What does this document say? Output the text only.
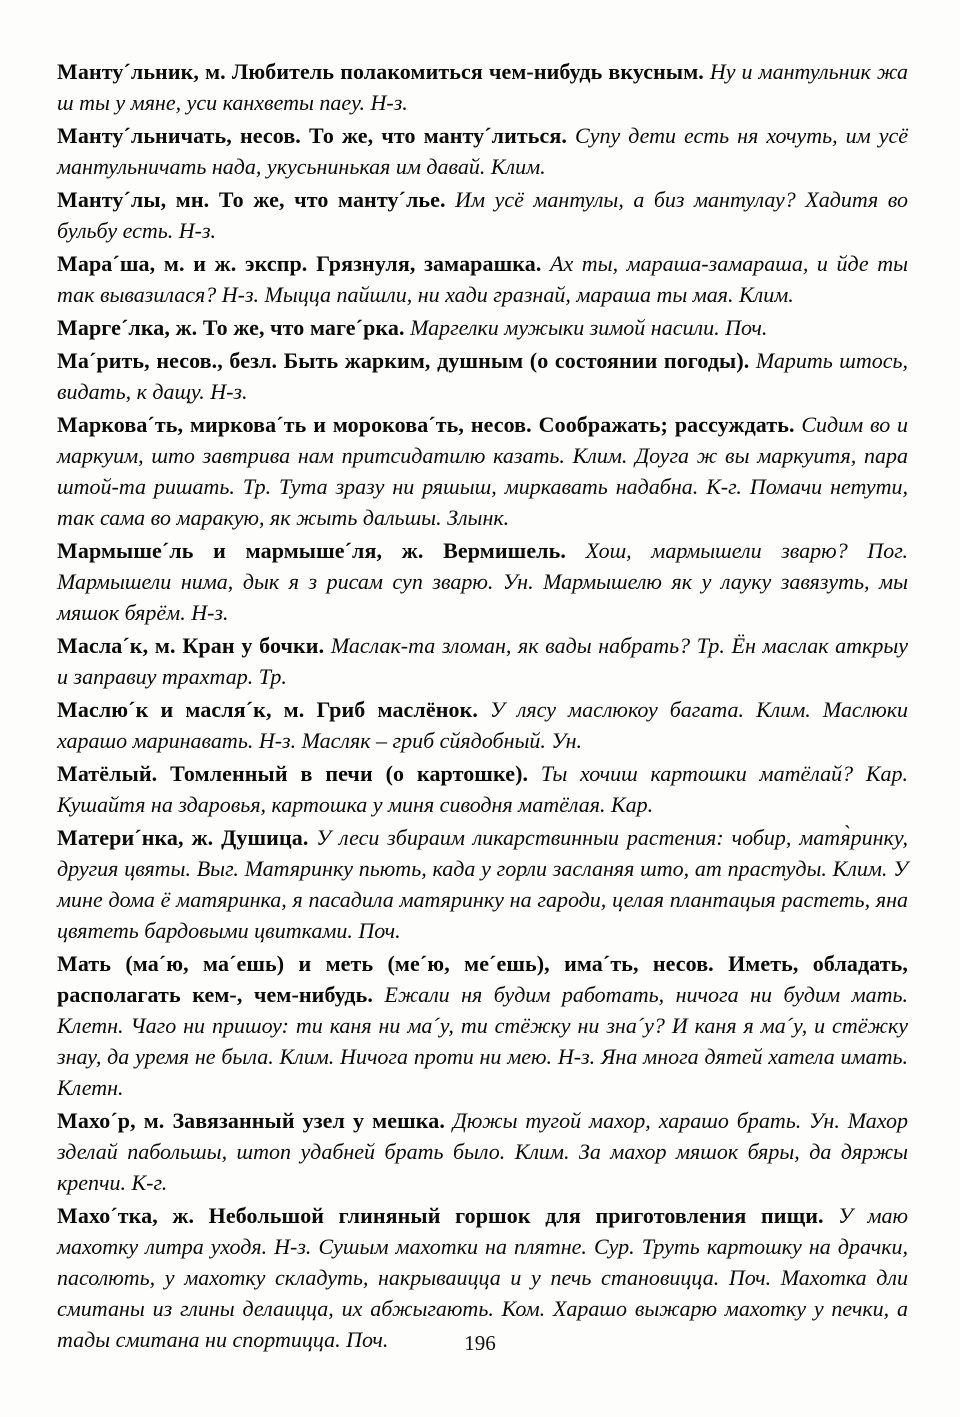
Манту´льник, м. Любитель полакомиться чем-нибудь вкусным. Ну и мантульник жа ш ты у мяне, уси канхветы паеу. Н-з.

Манту´льничать, несов. То же, что манту´литься. Супу дети есть ня хочуть, им усё мантульничать нада, укусьнинькая им давай. Клим.

Манту´лы, мн. То же, что манту´лье. Им усё мантулы, а биз мантулау? Хадитя во бульбу есть. Н-з.

Мара´ша, м. и ж. экспр. Грязнуля, замарашка. Ах ты, мараша-замараша, и йде ты так вывазилася? Н-з. Мыцца пайшли, ни хади гразнай, мараша ты мая. Клим.

Марге´лка, ж. То же, что маге´рка. Маргелки мужыки зимой насили. Поч.

Ма´рить, несов., безл. Быть жарким, душным (о состоянии погоды). Марить штось, видать, к дащу. Н-з.

Маркова´ть, миркова´ть и морокова´ть, несов. Соображать; рассуждать. Сидим во и маркуим, што завтрива нам притсидатилю казать. Клим. Доуга ж вы маркуитя, пара штой-та ришать. Тр. Тута зразу ни ряшыш, миркавать надабна. К-г. Помачи нетути, так сама во маракую, як жыть дальшы. Злынк.

Мармыше´ль и мармыше´ля, ж. Вермишель. Хош, мармышели зварю? Пог. Мармышели нима, дык я з рисам суп зварю. Ун. Мармышелю як у лауку завязуть, мы мяшок бярём. Н-з.

Масла´к, м. Кран у бочки. Маслак-та зломан, як вады набрать? Тр. Ён маслак аткрыу и заправиу трахтар. Тр.

Маслю´к и масля´к, м. Гриб маслёнок. У лясу маслюкоу багата. Клим. Маслюки харашо маринавать. Н-з. Масляк – гриб сйядобный. Ун.

Матёлый. Томленный в печи (о картошке). Ты хочиш картошки матёлай? Кар. Кушайтя на здаровья, картошка у миня сиводня матёлая. Кар.

Матери´нка, ж. Душица. У леси збираим ликарствинныи растения: чобир, матя̀ринку, другия цвяты. Выг. Матяринку пьють, када у горли засланяя што, ат прастуды. Клим. У мине дома ё матяринка, я пасадила матяринку на гароди, целая плантацыя растеть, яна цвятеть бардовыми цвитками. Поч.

Мать (ма´ю, ма´ешь) и меть (ме´ю, ме´ешь), има´ть, несов. Иметь, обладать, располагать кем-, чем-нибудь. Ежали ня будим работать, ничога ни будим мать. Клетн. Чаго ни пришоу: ти каня ни ма´у, ти стёжку ни зна´у? И каня я ма´у, и стёжку знау, да уремя не была. Клим. Ничога проти ни мею. Н-з. Яна многа дятей хатела имать. Клетн.

Махо´р, м. Завязанный узел у мешка. Дюжы тугой махор, харашо брать. Ун. Махор зделай пабольшы, штоп удабней брать было. Клим. За махор мяшок бяры, да дяржы крепчи. К-г.

Махо´тка, ж. Небольшой глиняный горшок для приготовления пищи. У маю махотку литра уходя. Н-з. Сушым махотки на плятне. Сур. Труть картошку на драчки, пасолють, у махотку складуть, накрываицца и у печь становицца. Поч. Махотка дли смитаны из глины делаицца, их абжыгають. Ком. Харашо выжарю махотку у печки, а тады смитана ни спортицца. Поч.	196
